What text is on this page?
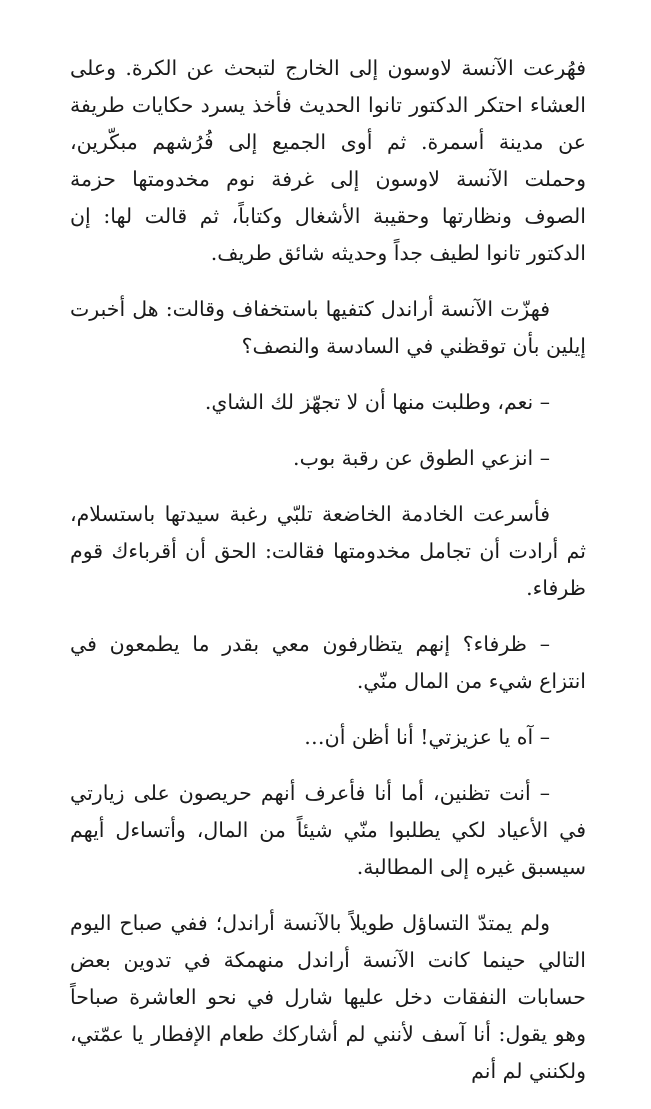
فهُرعت الآنسة لاوسون إلى الخارج لتبحث عن الكرة. وعلى العشاء احتكر الدكتور تانوا الحديث فأخذ يسرد حكايات طريفة عن مدينة أسمرة. ثم أوى الجميع إلى فُرُشهم مبكّرين، وحملت الآنسة لاوسون إلى غرفة نوم مخدومتها حزمة الصوف ونظارتها وحقيبة الأشغال وكتاباً، ثم قالت لها: إن الدكتور تانوا لطيف جداً وحديثه شائق طريف.

فهزّت الآنسة أراندل كتفيها باستخفاف وقالت: هل أخبرت إيلين بأن توقظني في السادسة والنصف؟

– نعم، وطلبت منها أن لا تجهّز لك الشاي.

– انزعي الطوق عن رقبة بوب.

فأسرعت الخادمة الخاضعة تلبّي رغبة سيدتها باستسلام، ثم أرادت أن تجامل مخدومتها فقالت: الحق أن أقرباءك قوم ظرفاء.

– ظرفاء؟ إنهم يتظارفون معي بقدر ما يطمعون في انتزاع شيء من المال منّي.

– آه يا عزيزتي! أنا أظن أن…

– أنت تظنين، أما أنا فأعرف أنهم حريصون على زيارتي في الأعياد لكي يطلبوا منّي شيئاً من المال، وأتساءل أيهم سيسبق غيره إلى المطالبة.

ولم يمتدّ التساؤل طويلاً بالآنسة أراندل؛ ففي صباح اليوم التالي حينما كانت الآنسة أراندل منهمكة في تدوين بعض حسابات النفقات دخل عليها شارل في نحو العاشرة صباحاً وهو يقول: أنا آسف لأنني لم أشاركك طعام الإفطار يا عمّتي، ولكنني لم أنم
